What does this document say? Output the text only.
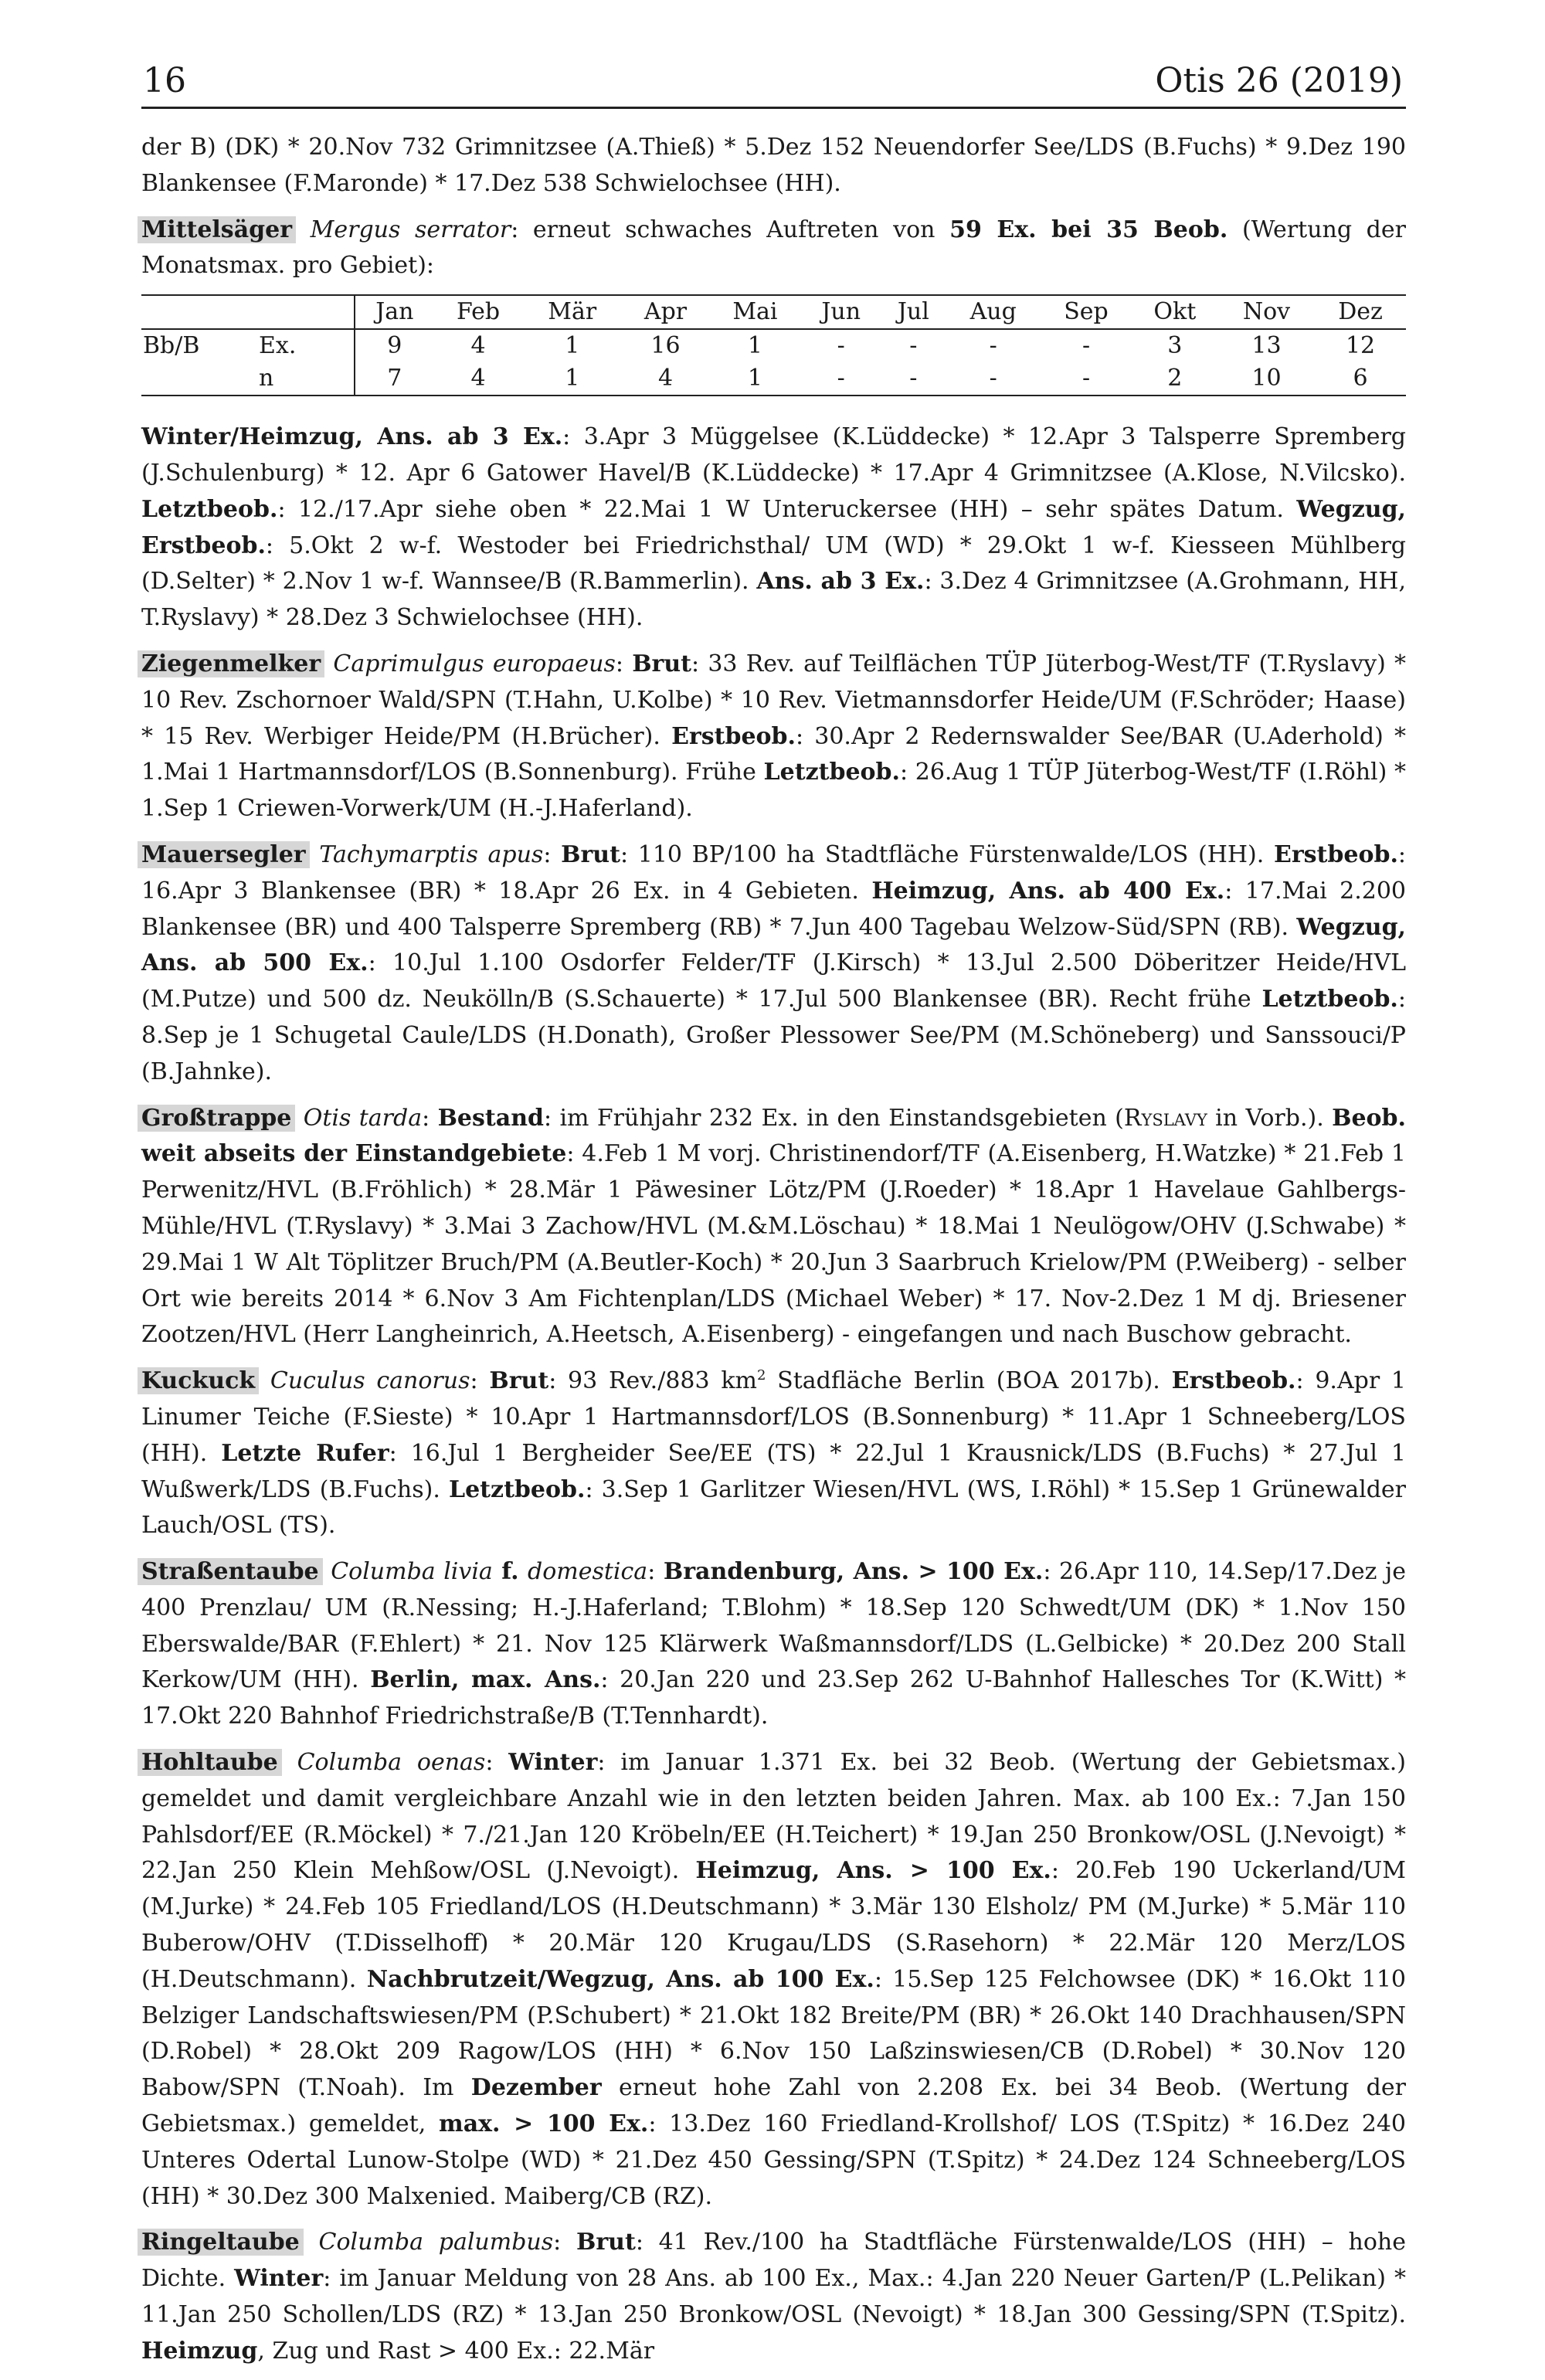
16	Otis 26 (2019)

der B) (DK) * 20.Nov 732 Grimnitzsee (A.Thieß) * 5.Dez 152 Neuendorfer See/LDS (B.Fuchs) * 9.Dez 190 Blankensee (F.Maronde) * 17.Dez 538 Schwielochsee (HH).

Mittelsäger Mergus serrator: erneut schwaches Auftreten von 59 Ex. bei 35 Beob. (Wertung der Monatsmax. pro Gebiet):

			Jan	Feb	Mär	Apr	Mai	Jun	Jul	Aug	Sep	Okt	Nov	Dez
Bb/B	Ex.		9	4	1	16	1	-	-	-	-	3	13	12
	n		7	4	1	4	1	-	-	-	-	2	10	6

Winter/Heimzug, Ans. ab 3 Ex.: 3.Apr 3 Müggelsee (K.Lüddecke) * 12.Apr 3 Talsperre Spremberg (J.Schulenburg) * 12. Apr 6 Gatower Havel/B (K.Lüddecke) * 17.Apr 4 Grimnitzsee (A.Klose, N.Vilcsko). Letztbeob.: 12./17.Apr siehe oben * 22.Mai 1 W Unteruckersee (HH) – sehr spätes Datum. Wegzug, Erstbeob.: 5.Okt 2 w-f. Westoder bei Friedrichsthal/ UM (WD) * 29.Okt 1 w-f. Kiesseen Mühlberg (D.Selter) * 2.Nov 1 w-f. Wannsee/B (R.Bammerlin). Ans. ab 3 Ex.: 3.Dez 4 Grimnitzsee (A.Grohmann, HH, T.Ryslavy) * 28.Dez 3 Schwielochsee (HH).

Ziegenmelker Caprimulgus europaeus: Brut: 33 Rev. auf Teilflächen TÜP Jüterbog-West/TF (T.Ryslavy) * 10 Rev. Zschornoer Wald/SPN (T.Hahn, U.Kolbe) * 10 Rev. Vietmannsdorfer Heide/UM (F.Schröder; Haase) * 15 Rev. Werbiger Heide/PM (H.Brücher). Erstbeob.: 30.Apr 2 Redernswalder See/BAR (U.Aderhold) * 1.Mai 1 Hartmannsdorf/LOS (B.Sonnenburg). Frühe Letztbeob.: 26.Aug 1 TÜP Jüterbog-West/TF (I.Röhl) * 1.Sep 1 Criewen-Vorwerk/UM (H.-J.Haferland).

Mauersegler Tachymarptis apus: Brut: 110 BP/100 ha Stadtfläche Fürstenwalde/LOS (HH). Erstbeob.: 16.Apr 3 Blankensee (BR) * 18.Apr 26 Ex. in 4 Gebieten. Heimzug, Ans. ab 400 Ex.: 17.Mai 2.200 Blankensee (BR) und 400 Talsperre Spremberg (RB) * 7.Jun 400 Tagebau Welzow-Süd/SPN (RB). Wegzug, Ans. ab 500 Ex.: 10.Jul 1.100 Osdorfer Felder/TF (J.Kirsch) * 13.Jul 2.500 Döberitzer Heide/HVL (M.Putze) und 500 dz. Neukölln/B (S.Schauerte) * 17.Jul 500 Blankensee (BR). Recht frühe Letztbeob.: 8.Sep je 1 Schugetal Caule/LDS (H.Donath), Großer Plessower See/PM (M.Schöneberg) und Sanssouci/P (B.Jahnke).

Großtrappe Otis tarda: Bestand: im Frühjahr 232 Ex. in den Einstandsgebieten (Ryslavy in Vorb.). Beob. weit abseits der Einstandgebiete: 4.Feb 1 M vorj. Christinendorf/TF (A.Eisenberg, H.Watzke) * 21.Feb 1 Perwenitz/HVL (B.Fröhlich) * 28.Mär 1 Päwesiner Lötz/PM (J.Roeder) * 18.Apr 1 Havelaue Gahlbergs-Mühle/HVL (T.Ryslavy) * 3.Mai 3 Zachow/HVL (M.&M.Löschau) * 18.Mai 1 Neulögow/OHV (J.Schwabe) * 29.Mai 1 W Alt Töplitzer Bruch/PM (A.Beutler-Koch) * 20.Jun 3 Saarbruch Krielow/PM (P.Weiberg) - selber Ort wie bereits 2014 * 6.Nov 3 Am Fichtenplan/LDS (Michael Weber) * 17. Nov-2.Dez 1 M dj. Briesener Zootzen/HVL (Herr Langheinrich, A.Heetsch, A.Eisenberg) - eingefangen und nach Buschow gebracht.

Kuckuck Cuculus canorus: Brut: 93 Rev./883 $km^2$ Stadfläche Berlin (BOA 2017b). Erstbeob.: 9.Apr 1 Linumer Teiche (F.Sieste) * 10.Apr 1 Hartmannsdorf/LOS (B.Sonnenburg) * 11.Apr 1 Schneeberg/LOS (HH). Letzte Rufer: 16.Jul 1 Bergheider See/EE (TS) * 22.Jul 1 Krausnick/LDS (B.Fuchs) * 27.Jul 1 Wußwerk/LDS (B.Fuchs). Letztbeob.: 3.Sep 1 Garlitzer Wiesen/HVL (WS, I.Röhl) * 15.Sep 1 Grünewalder Lauch/OSL (TS).

Straßentaube Columba livia f. domestica: Brandenburg, Ans. > 100 Ex.: 26.Apr 110, 14.Sep/17.Dez je 400 Prenzlau/ UM (R.Nessing; H.-J.Haferland; T.Blohm) * 18.Sep 120 Schwedt/UM (DK) * 1.Nov 150 Eberswalde/BAR (F.Ehlert) * 21. Nov 125 Klärwerk Waßmannsdorf/LDS (L.Gelbicke) * 20.Dez 200 Stall Kerkow/UM (HH). Berlin, max. Ans.: 20.Jan 220 und 23.Sep 262 U-Bahnhof Hallesches Tor (K.Witt) * 17.Okt 220 Bahnhof Friedrichstraße/B (T.Tennhardt).

Hohltaube Columba oenas: Winter: im Januar 1.371 Ex. bei 32 Beob. (Wertung der Gebietsmax.) gemeldet und damit vergleichbare Anzahl wie in den letzten beiden Jahren. Max. ab 100 Ex.: 7.Jan 150 Pahlsdorf/EE (R.Möckel) * 7./21.Jan 120 Kröbeln/EE (H.Teichert) * 19.Jan 250 Bronkow/OSL (J.Nevoigt) * 22.Jan 250 Klein Mehßow/OSL (J.Nevoigt). Heimzug, Ans. > 100 Ex.: 20.Feb 190 Uckerland/UM (M.Jurke) * 24.Feb 105 Friedland/LOS (H.Deutschmann) * 3.Mär 130 Elsholz/ PM (M.Jurke) * 5.Mär 110 Buberow/OHV (T.Disselhoff) * 20.Mär 120 Krugau/LDS (S.Rasehorn) * 22.Mär 120 Merz/LOS (H.Deutschmann). Nachbrutzeit/Wegzug, Ans. ab 100 Ex.: 15.Sep 125 Felchowsee (DK) * 16.Okt 110 Belziger Landschaftswiesen/PM (P.Schubert) * 21.Okt 182 Breite/PM (BR) * 26.Okt 140 Drachhausen/SPN (D.Robel) * 28.Okt 209 Ragow/LOS (HH) * 6.Nov 150 Laßzinswiesen/CB (D.Robel) * 30.Nov 120 Babow/SPN (T.Noah). Im Dezember erneut hohe Zahl von 2.208 Ex. bei 34 Beob. (Wertung der Gebietsmax.) gemeldet, max. > 100 Ex.: 13.Dez 160 Friedland-Krollshof/ LOS (T.Spitz) * 16.Dez 240 Unteres Odertal Lunow-Stolpe (WD) * 21.Dez 450 Gessing/SPN (T.Spitz) * 24.Dez 124 Schneeberg/LOS (HH) * 30.Dez 300 Malxenied. Maiberg/CB (RZ).

Ringeltaube Columba palumbus: Brut: 41 Rev./100 ha Stadtfläche Fürstenwalde/LOS (HH) – hohe Dichte. Winter: im Januar Meldung von 28 Ans. ab 100 Ex., Max.: 4.Jan 220 Neuer Garten/P (L.Pelikan) * 11.Jan 250 Schollen/LDS (RZ) * 13.Jan 250 Bronkow/OSL (Nevoigt) * 18.Jan 300 Gessing/SPN (T.Spitz). Heimzug, Zug und Rast > 400 Ex.: 22.Mär
